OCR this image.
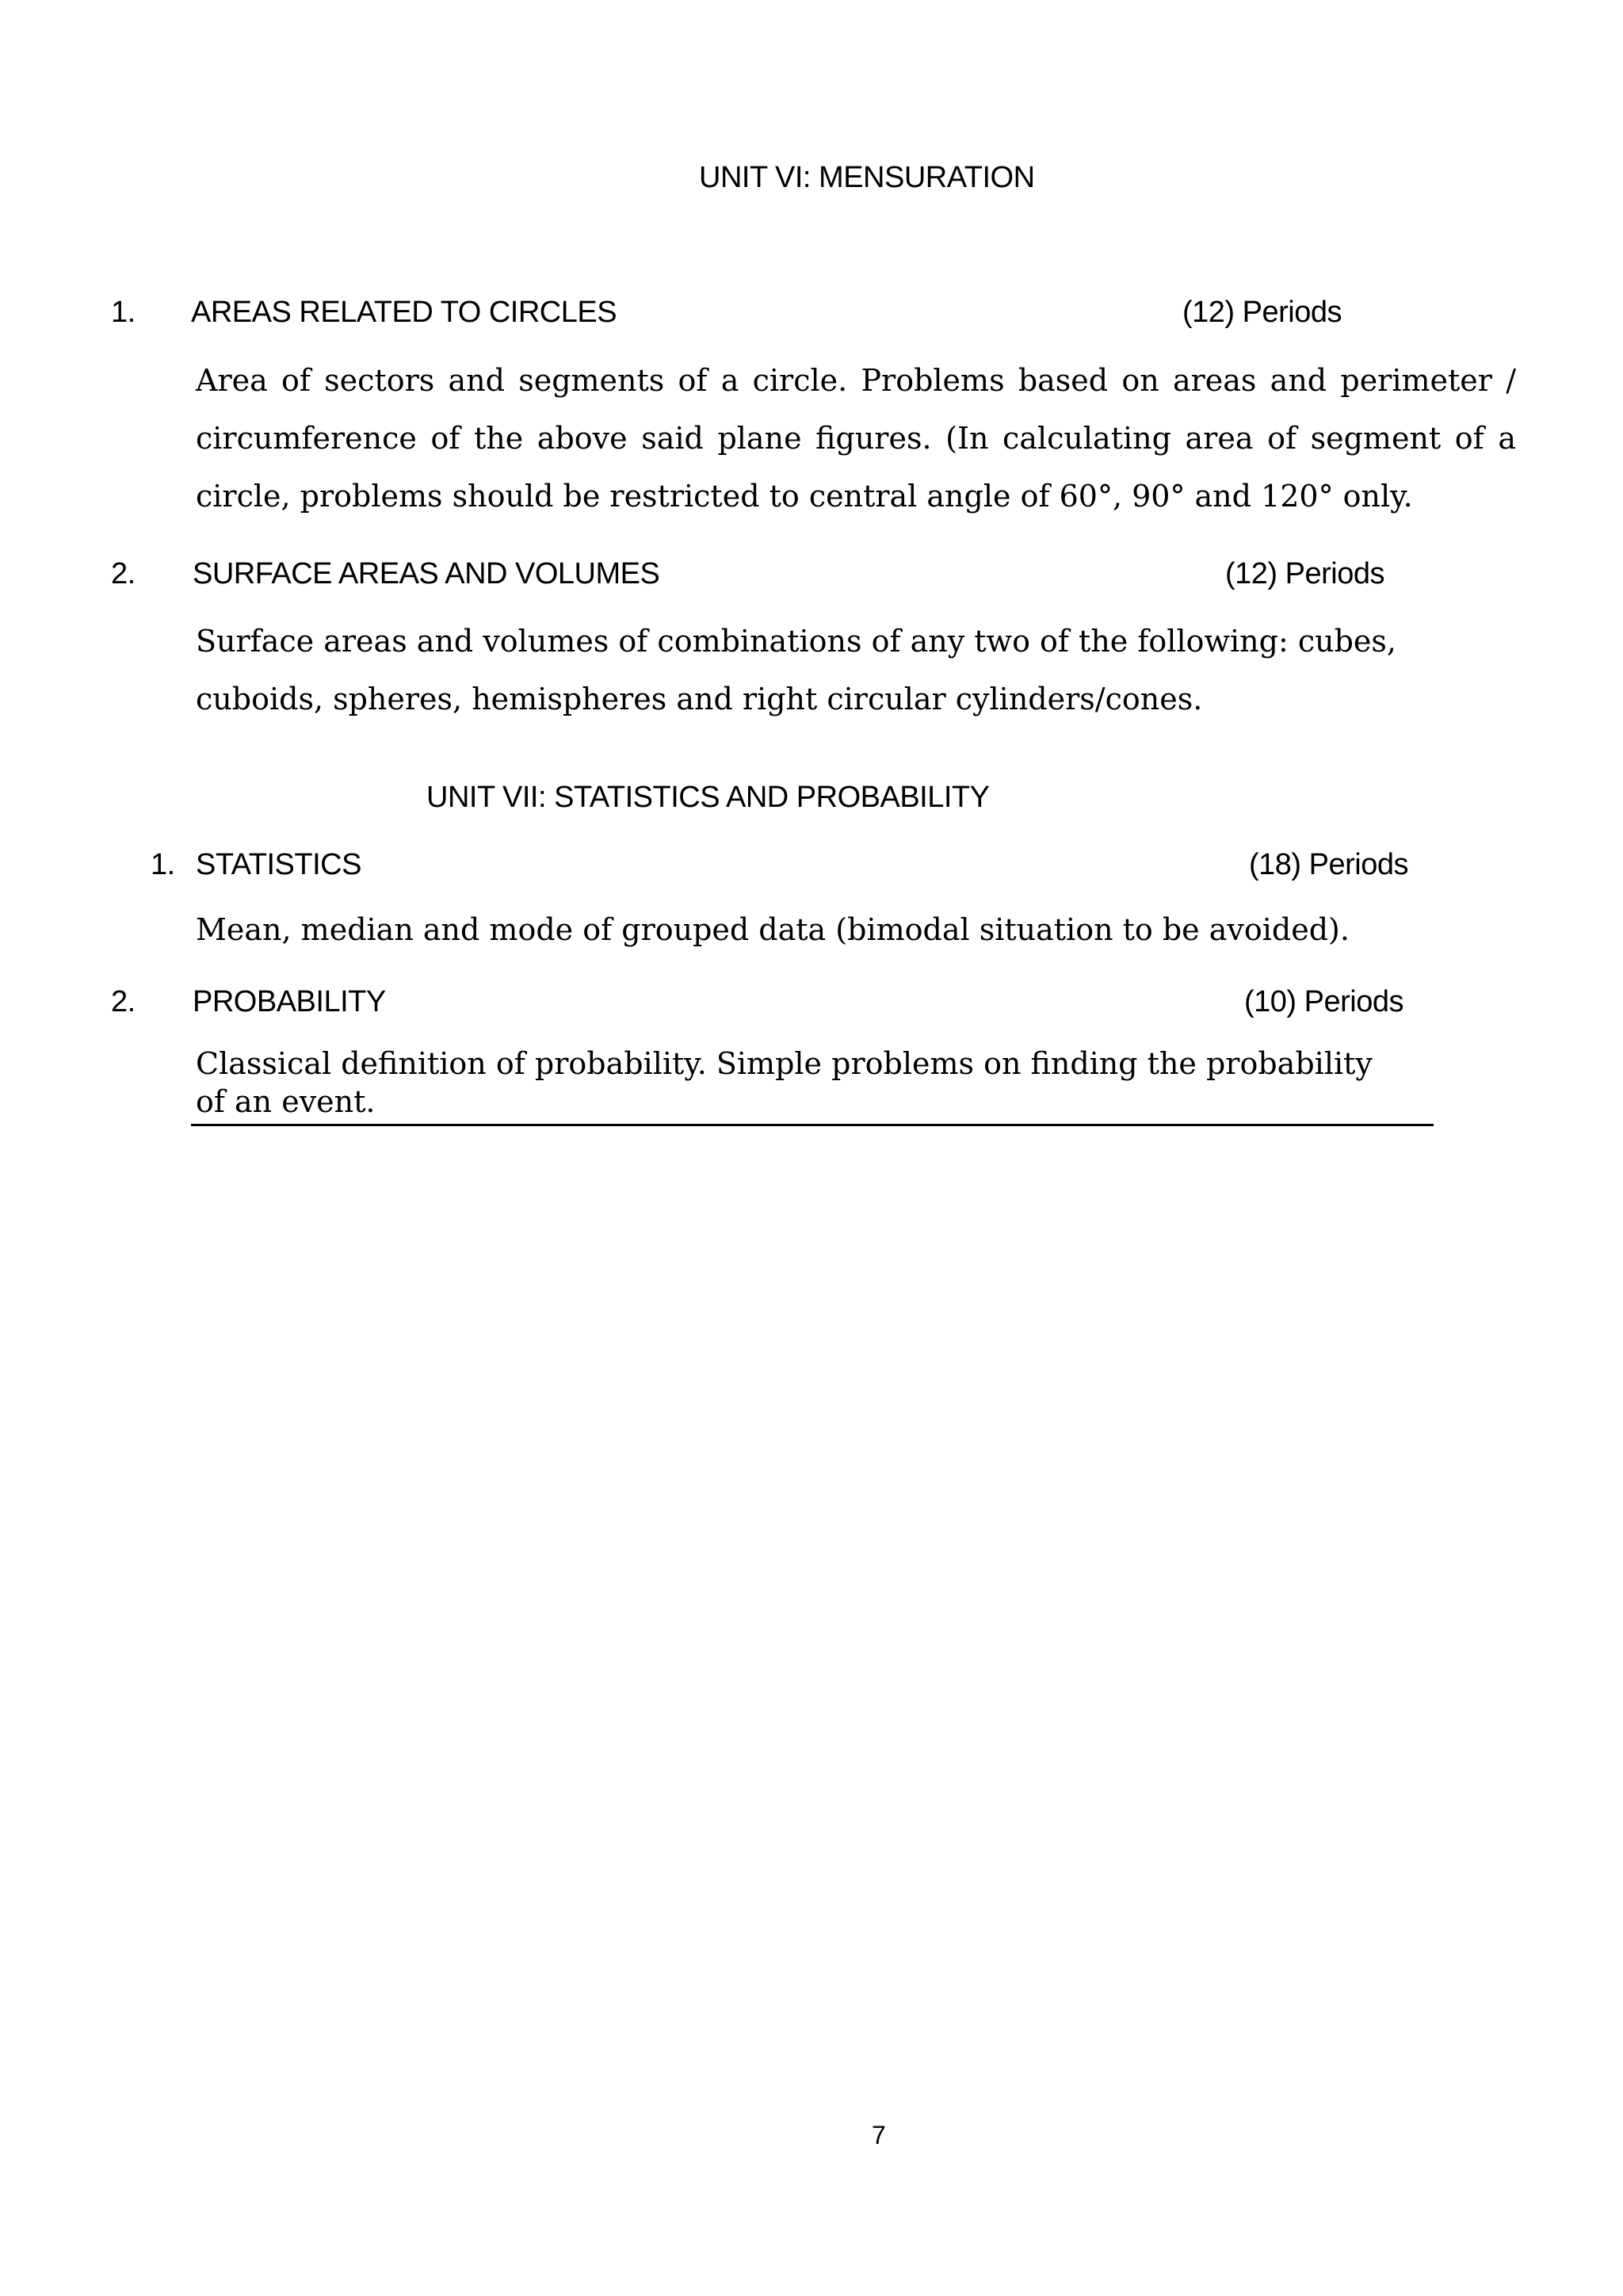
UNIT VI: MENSURATION
1. AREAS RELATED TO CIRCLES	(12) Periods
Area of sectors and segments of a circle. Problems based on areas and perimeter / circumference of the above said plane figures. (In calculating area of segment of a circle, problems should be restricted to central angle of 60°, 90° and 120° only.
2. SURFACE AREAS AND VOLUMES	(12) Periods
Surface areas and volumes of combinations of any two of the following: cubes, cuboids, spheres, hemispheres and right circular cylinders/cones.
UNIT VII: STATISTICS AND PROBABILITY
1. STATISTICS	(18) Periods
Mean, median and mode of grouped data (bimodal situation to be avoided).
2. PROBABILITY	(10) Periods
Classical definition of probability. Simple problems on finding the probability of an event.
7
